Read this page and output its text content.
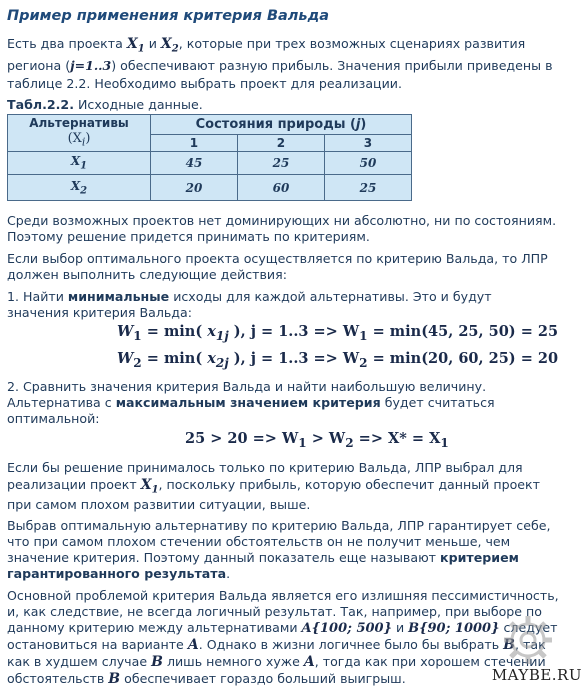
Пример применения критерия Вальда

Есть два проекта $X_1$ и $X_2$, которые при трех возможных сценариях развития

региона (j=1..3) обеспечивают разную прибыль. Значения прибыли приведены в

таблице 2.2. Необходимо выбрать проект для реализации.

Табл.2.2. Исходные данные.

Альтернативы
$(X_i)$	Состояния природы (j)		
	1	2	3
$X_1$	45	25	50
$X_2$	20	60	25

Среди возможных проектов нет доминирующих ни абсолютно, ни по состояниям.

Поэтому решение придется принимать по критериям.

Если выбор оптимального проекта осуществляется по критерию Вальда, то ЛПР

должен выполнить следующие действия:

1. Найти минимальные исходы для каждой альтернативы. Это и будут

значения критерия Вальда:

$W_1 = \min$( $x_{1j}$ ), $j = 1..3 => W_1 = \min(45$, 25, 50) = 25
$W_2 = \min$( $x_{2j}$ ), $j = 1..3 => W_2 = \min(20$, 60, 25) = 20

2. Сравнить значения критерия Вальда и найти наибольшую величину.

Альтернатива с максимальным значением критерия будет считаться

оптимальной:

$25 > 20 => W_1 > W_2 => X* = X_1$

Если бы решение принималось только по критерию Вальда, ЛПР выбрал для

реализации проект $X_1$, поскольку прибыль, которую обеспечит данный проект

при самом плохом развитии ситуации, выше.

Выбрав оптимальную альтернативу по критерию Вальда, ЛПР гарантирует себе,

что при самом плохом стечении обстоятельств он не получит меньше, чем

значение критерия. Поэтому данный показатель еще называют критерием

гарантированного результата.

Основной проблемой критерия Вальда является его излишняя пессимистичность,

и, как следствие, не всегда логичный результат. Так, например, при выборе по

данному критерию между альтернативами A{100; 500} и B{90; 1000} следует

остановиться на варианте A. Однако в жизни логичнее было бы выбрать B, так

как в худшем случае B лишь немного хуже A, тогда как при хорошем стечении

обстоятельств B обеспечивает гораздо больший выигрыш.	MAYBE.RU
